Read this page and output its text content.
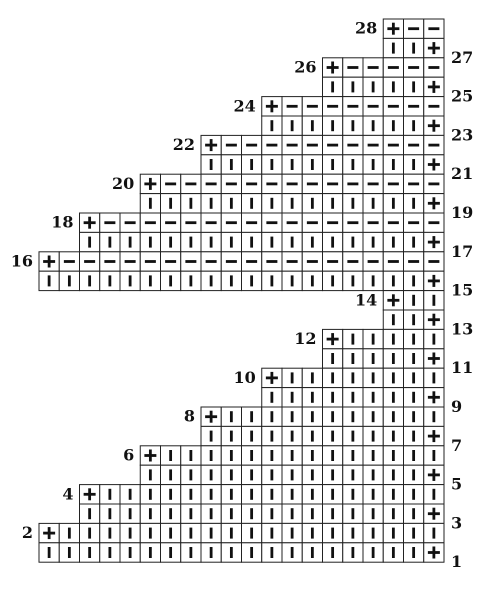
28
27
26
25
24
23
22
21
20
19
18
17
16
15
14
13
12
11
10
9
8
7
6
5
4
3
2
1
